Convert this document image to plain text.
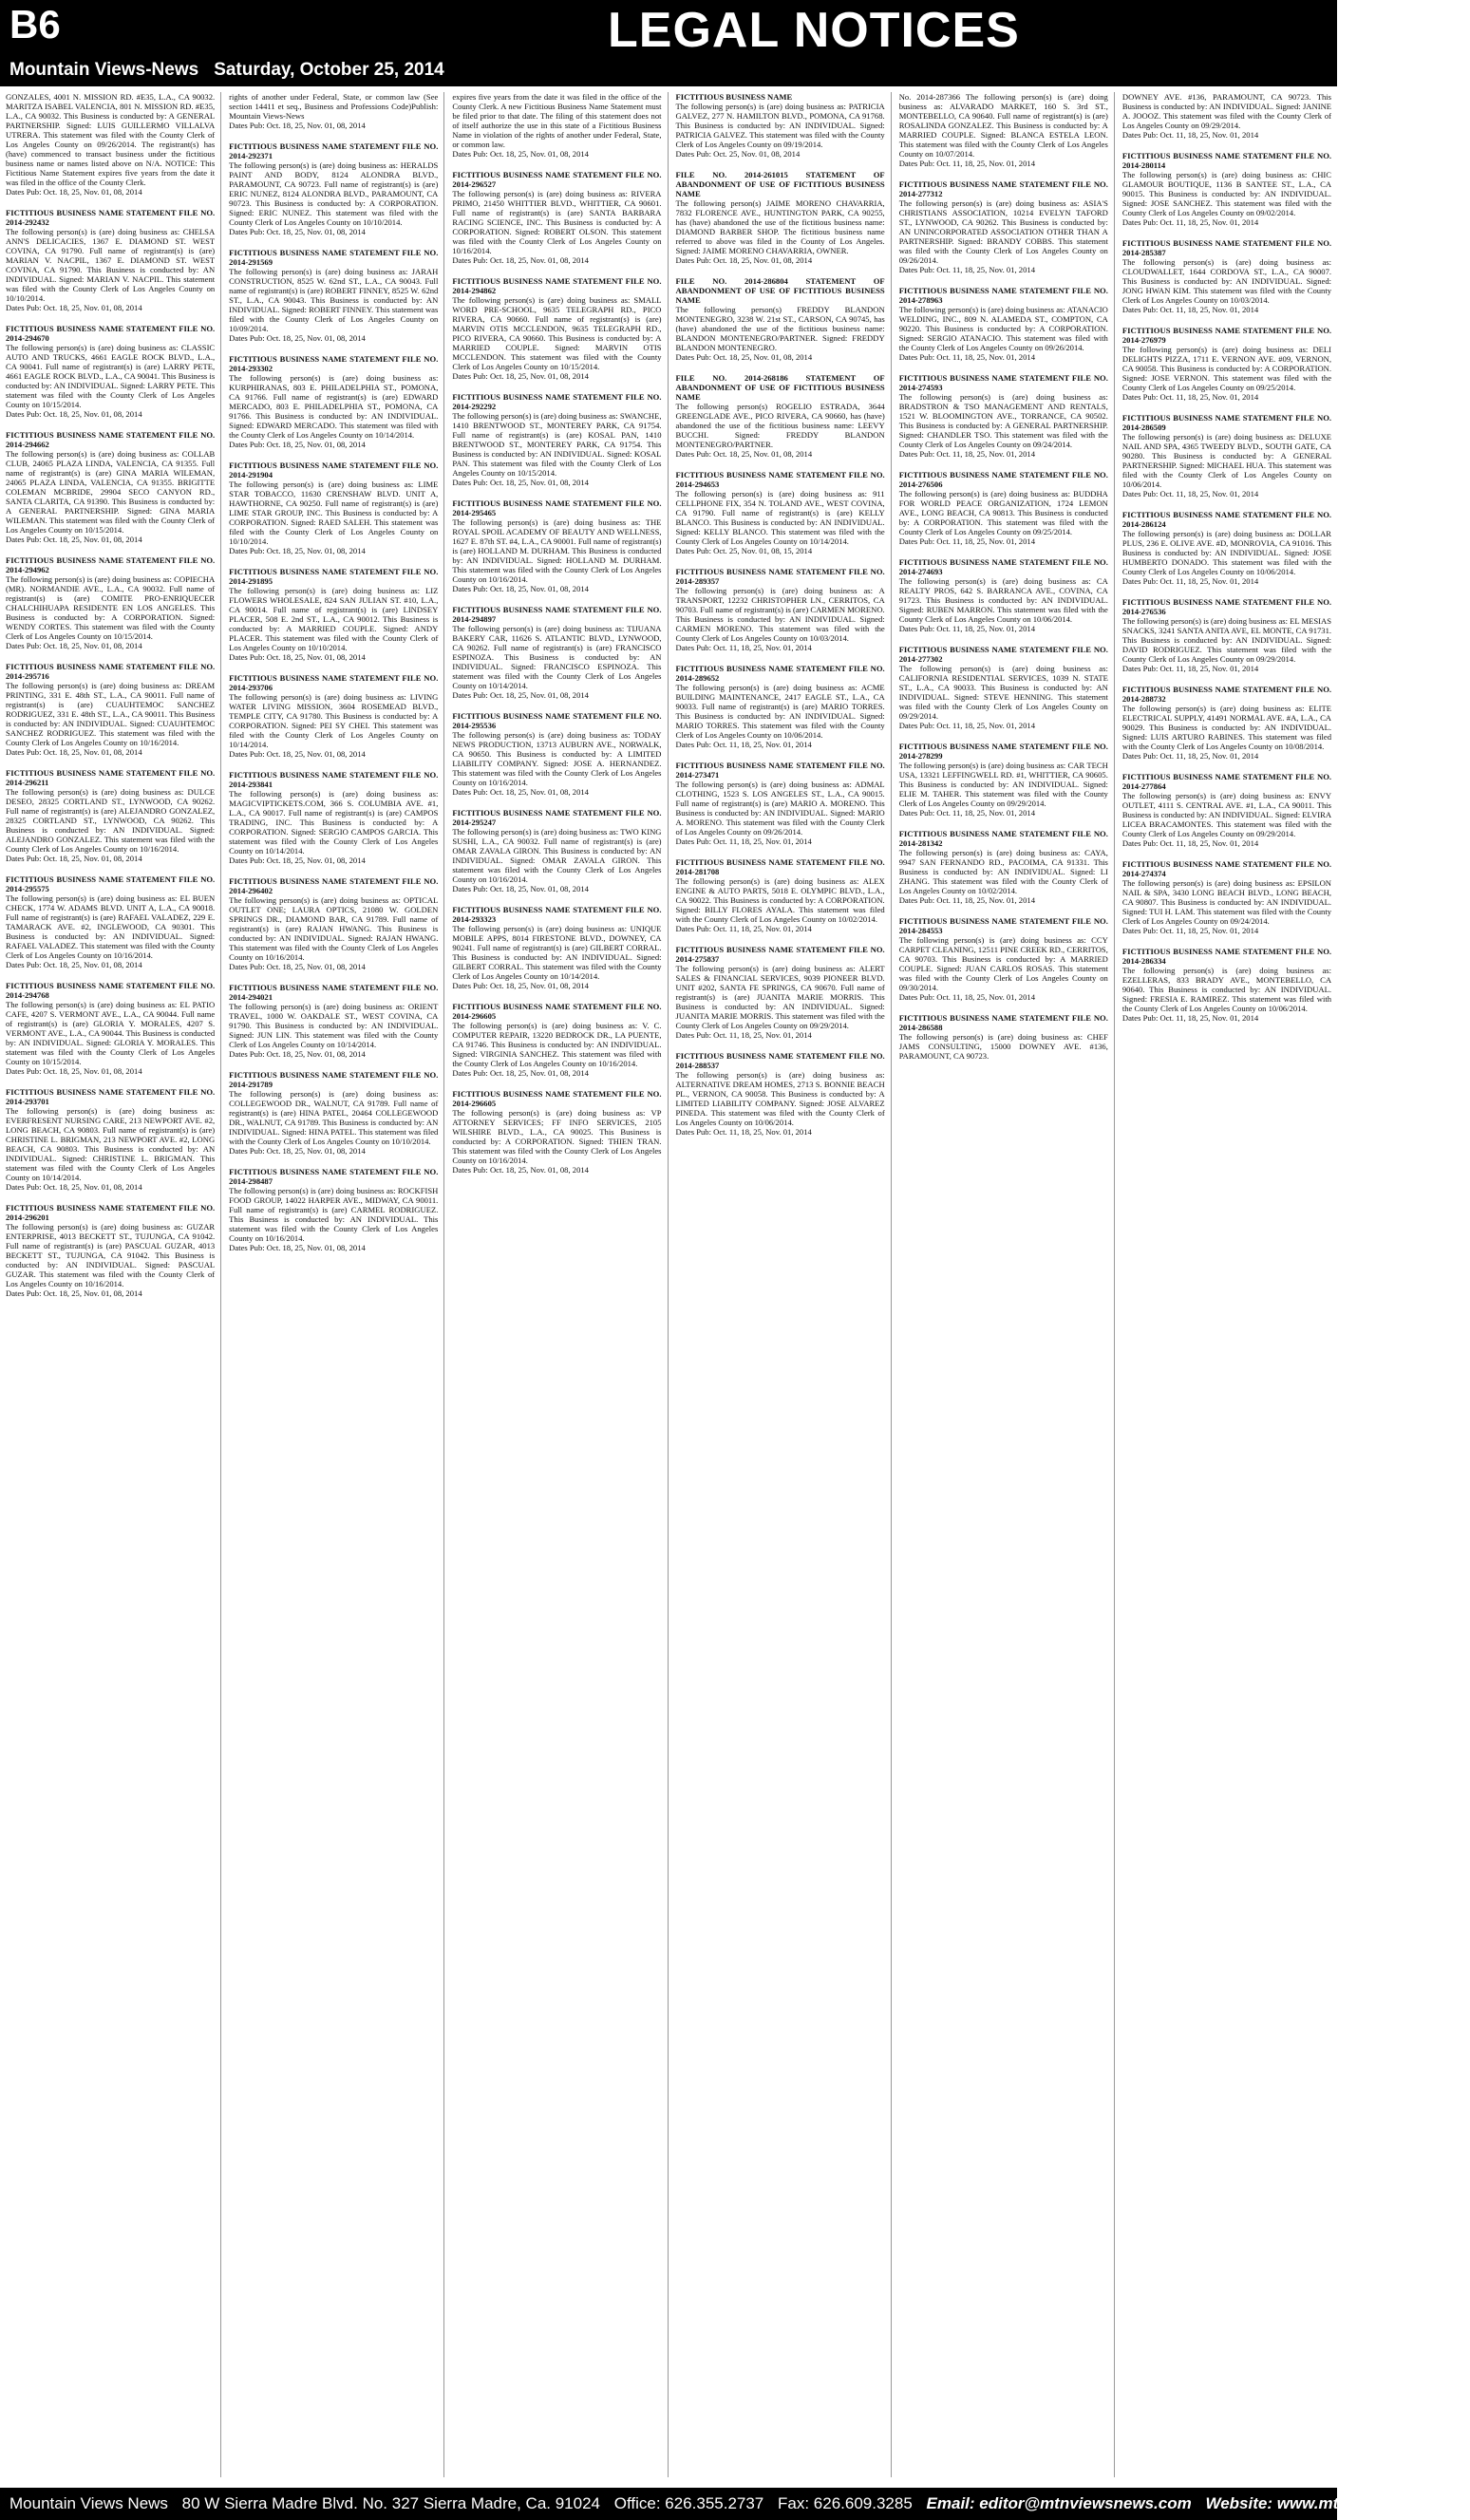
B6	LEGAL NOTICES
Mountain Views-News Saturday, October 25, 2014
GONZALES, 4001 N. MISSION RD. #E35, L.A., CA 90032. MARITZA ISABEL VALENCIA, 801 N. MISSION RD. #E35, L.A., CA 90032. This Business is conducted by: A GENERAL PARTNERSHIP. Signed: LUIS GUILLERMO VILLALVA UTRERA. This statement was filed with the County Clerk of Los Angeles County on 09/26/2014. The registrant(s) has (have) commenced to transact business under the fictitious business name or names listed above on N/A. NOTICE: This Fictitious Name Statement expires five years from the date it was filed in the office of the County Clerk.
Dates Pub: Oct. 18, 25, Nov. 01, 08, 2014
FICTITIOUS BUSINESS NAME STATEMENT FILE NO. 2014-292432
The following person(s) is (are) doing business as: CHELSA ANN'S DELICACIES, 1367 E. DIAMOND ST. WEST COVINA, CA 91790. Full name of registrant(s) is (are) MARIAN V. NACPIL, 1367 E. DIAMOND ST. WEST COVINA, CA 91790. This Business is conducted by: AN INDIVIDUAL. Signed: MARIAN V. NACPIL. This statement was filed with the County Clerk of Los Angeles County on 10/10/2014.
Dates Pub: Oct. 18, 25, Nov. 01, 08, 2014
FICTITIOUS BUSINESS NAME STATEMENT FILE NO. 2014-294670
The following person(s) is (are) doing business as: CLASSIC AUTO AND TRUCKS, 4661 EAGLE ROCK BLVD., L.A., CA 90041. Full name of registrant(s) is (are) LARRY PETE, 4661 EAGLE ROCK BLVD., L.A., CA 90041. This Business is conducted by: AN INDIVIDUAL. Signed: LARRY PETE. This statement was filed with the County Clerk of Los Angeles County on 10/15/2014.
Dates Pub: Oct. 18, 25, Nov. 01, 08, 2014
FICTITIOUS BUSINESS NAME STATEMENT FILE NO. 2014-294662
The following person(s) is (are) doing business as: COLLAB CLUB, 24065 PLAZA LINDA, VALENCIA, CA 91355. Full name of registrant(s) is (are) GINA MARIA WILEMAN, 24065 PLAZA LINDA, VALENCIA, CA 91355. BRIGITTE COLEMAN MCBRIDE, 29904 SECO CANYON RD., SANTA CLARITA, CA 91390. This Business is conducted by: A GENERAL PARTNERSHIP. Signed: GINA MARIA WILEMAN. This statement was filed with the County Clerk of Los Angeles County on 10/15/2014.
Dates Pub: Oct. 18, 25, Nov. 01, 08, 2014
FICTITIOUS BUSINESS NAME STATEMENT FILE NO. 2014-294962
The following person(s) is (are) doing business as: COPIECHA (MR). NORMANDIE AVE., L.A., CA 90032. Full name of registrant(s) is (are) COMITE PRO-ENRIQUECER CHALCHIHUAPA RESIDENTE EN LOS ANGELES. This Business is conducted by: A CORPORATION. Signed: WENDY CORTES. This statement was filed with the County Clerk of Los Angeles County on 10/15/2014.
Dates Pub: Oct. 18, 25, Nov. 01, 08, 2014
FICTITIOUS BUSINESS NAME STATEMENT FILE NO. 2014-295716
The following person(s) is (are) doing business as: DREAM PRINTING, 331 E. 48th ST., L.A., CA 90011. Full name of registrant(s) is (are) CUAUHTEMOC SANCHEZ RODRIGUEZ, 331 E. 48th ST., L.A., CA 90011. This Business is conducted by: AN INDIVIDUAL. Signed: CUAUHTEMOC SANCHEZ RODRIGUEZ. This statement was filed with the County Clerk of Los Angeles County on 10/16/2014.
Dates Pub: Oct. 18, 25, Nov. 01, 08, 2014
FICTITIOUS BUSINESS NAME STATEMENT FILE NO. 2014-296211
The following person(s) is (are) doing business as: DULCE DESEO, 28325 CORTLAND ST., LYNWOOD, CA 90262. Full name of registrant(s) is (are) ALEJANDRO GONZALEZ, 28325 CORTLAND ST., LYNWOOD, CA 90262. This Business is conducted by: AN INDIVIDUAL. Signed: ALEJANDRO GONZALEZ. This statement was filed with the County Clerk of Los Angeles County on 10/16/2014.
Dates Pub: Oct. 18, 25, Nov. 01, 08, 2014
FICTITIOUS BUSINESS NAME STATEMENT FILE NO. 2014-295575
The following person(s) is (are) doing business as: EL BUEN CHECK, 1774 W. ADAMS BLVD. UNIT A, L.A., CA 90018. Full name of registrant(s) is (are) RAFAEL VALADEZ, 229 E. TAMARACK AVE. #2, INGLEWOOD, CA 90301. This Business is conducted by: AN INDIVIDUAL. Signed: RAFAEL VALADEZ. This statement was filed with the County Clerk of Los Angeles County on 10/16/2014.
Dates Pub: Oct. 18, 25, Nov. 01, 08, 2014
FICTITIOUS BUSINESS NAME STATEMENT FILE NO. 2014-294768
The following person(s) is (are) doing business as: EL PATIO CAFE, 4207 S. VERMONT AVE., L.A., CA 90044. Full name of registrant(s) is (are) GLORIA Y. MORALES, 4207 S. VERMONT AVE., L.A., CA 90044. This Business is conducted by: AN INDIVIDUAL. Signed: GLORIA Y. MORALES. This statement was filed with the County Clerk of Los Angeles County on 10/15/2014.
Dates Pub: Oct. 18, 25, Nov. 01, 08, 2014
FICTITIOUS BUSINESS NAME STATEMENT FILE NO. 2014-293701
The following person(s) is (are) doing business as: EVERFRESENT NURSING CARE, 213 NEWPORT AVE. #2, LONG BEACH, CA 90803. Full name of registrant(s) is (are) CHRISTINE L. BRIGMAN, 213 NEWPORT AVE. #2, LONG BEACH, CA 90803. This Business is conducted by: AN INDIVIDUAL. Signed: CHRISTINE L. BRIGMAN. This statement was filed with the County Clerk of Los Angeles County on 10/14/2014.
Dates Pub: Oct. 18, 25, Nov. 01, 08, 2014
FICTITIOUS BUSINESS NAME STATEMENT FILE NO. 2014-296201
The following person(s) is (are) doing business as: GUZAR ENTERPRISE, 4013 BECKETT ST., TUJUNGA, CA 91042. Full name of registrant(s) is (are) PASCUAL GUZAR, 4013 BECKETT ST., TUJUNGA, CA 91042. This Business is conducted by: AN INDIVIDUAL. Signed: PASCUAL GUZAR. This statement was filed with the County Clerk of Los Angeles County on 10/16/2014.
Dates Pub: Oct. 18, 25, Nov. 01, 08, 2014
rights of another under Federal, State, or common law (See section 14411 et seq., Business and Professions Code)Publish: Mountain Views-News
Dates Pub: Oct. 18, 25, Nov. 01, 08, 2014
FICTITIOUS BUSINESS NAME STATEMENT FILE NO. 2014-292371
The following person(s) is (are) doing business as: HERALDS PAINT AND BODY, 8124 ALONDRA BLVD., PARAMOUNT, CA 90723. Full name of registrant(s) is (are) ERIC NUNEZ, 8124 ALONDRA BLVD., PARAMOUNT, CA 90723. This Business is conducted by: A CORPORATION. Signed: ERIC NUNEZ. This statement was filed with the County Clerk of Los Angeles County on 10/10/2014.
Dates Pub: Oct. 18, 25, Nov. 01, 08, 2014
FICTITIOUS BUSINESS NAME STATEMENT FILE NO. 2014-291569
The following person(s) is (are) doing business as: JARAH CONSTRUCTION, 8525 W. 62nd ST., L.A., CA 90043. Full name of registrant(s) is (are) ROBERT FINNEY, 8525 W. 62nd ST., L.A., CA 90043. This Business is conducted by: AN INDIVIDUAL. Signed: ROBERT FINNEY. This statement was filed with the County Clerk of Los Angeles County on 10/09/2014.
Dates Pub: Oct. 18, 25, Nov. 01, 08, 2014
FICTITIOUS BUSINESS NAME STATEMENT FILE NO. 2014-293302
The following person(s) is (are) doing business as: KURPHIRANAS, 803 E. PHILADELPHIA ST., POMONA, CA 91766. Full name of registrant(s) is (are) EDWARD MERCADO, 803 E. PHILADELPHIA ST., POMONA, CA 91766. This Business is conducted by: AN INDIVIDUAL. Signed: EDWARD MERCADO. This statement was filed with the County Clerk of Los Angeles County on 10/14/2014.
Dates Pub: Oct. 18, 25, Nov. 01, 08, 2014
FICTITIOUS BUSINESS NAME STATEMENT FILE NO. 2014-291904
The following person(s) is (are) doing business as: LIME STAR TOBACCO, 11630 CRENSHAW BLVD. UNIT A, HAWTHORNE, CA 90250. Full name of registrant(s) is (are) LIME STAR GROUP, INC. This Business is conducted by: A CORPORATION. Signed: RAED SALEH. This statement was filed with the County Clerk of Los Angeles County on 10/10/2014.
Dates Pub: Oct. 18, 25, Nov. 01, 08, 2014
FICTITIOUS BUSINESS NAME STATEMENT FILE NO. 2014-291895
The following person(s) is (are) doing business as: LIZ FLOWERS WHOLESALE, 824 SAN JULIAN ST. #10, L.A., CA 90014. Full name of registrant(s) is (are) LINDSEY PLACER, 508 E. 2nd ST., L.A., CA 90012. This Business is conducted by: A MARRIED COUPLE. Signed: ANDY PLACER. This statement was filed with the County Clerk of Los Angeles County on 10/10/2014.
Dates Pub: Oct. 18, 25, Nov. 01, 08, 2014
FICTITIOUS BUSINESS NAME STATEMENT FILE NO. 2014-293706
The following person(s) is (are) doing business as: LIVING WATER LIVING MISSION, 3604 ROSEMEAD BLVD., TEMPLE CITY, CA 91780. This Business is conducted by: A CORPORATION. Signed: PEI SY CHEI. This statement was filed with the County Clerk of Los Angeles County on 10/14/2014.
Dates Pub: Oct. 18, 25, Nov. 01, 08, 2014
FICTITIOUS BUSINESS NAME STATEMENT FILE NO. 2014-293841
The following person(s) is (are) doing business as: MAGICVIPTICKETS.COM, 366 S. COLUMBIA AVE. #1, L.A., CA 90017. Full name of registrant(s) is (are) CAMPOS TRADING, INC. This Business is conducted by: A CORPORATION. Signed: SERGIO CAMPOS GARCIA. This statement was filed with the County Clerk of Los Angeles County on 10/14/2014.
Dates Pub: Oct. 18, 25, Nov. 01, 08, 2014
FICTITIOUS BUSINESS NAME STATEMENT FILE NO. 2014-296402
The following person(s) is (are) doing business as: OPTICAL OUTLET ONE; LAURA OPTICS, 21080 W. GOLDEN SPRINGS DR., DIAMOND BAR, CA 91789. Full name of registrant(s) is (are) RAJAN HWANG. This Business is conducted by: AN INDIVIDUAL. Signed: RAJAN HWANG. This statement was filed with the County Clerk of Los Angeles County on 10/16/2014.
Dates Pub: Oct. 18, 25, Nov. 01, 08, 2014
FICTITIOUS BUSINESS NAME STATEMENT FILE NO. 2014-294021
The following person(s) is (are) doing business as: ORIENT TRAVEL, 1000 W. OAKDALE ST., WEST COVINA, CA 91790. This Business is conducted by: AN INDIVIDUAL. Signed: JUN LIN. This statement was filed with the County Clerk of Los Angeles County on 10/14/2014.
Dates Pub: Oct. 18, 25, Nov. 01, 08, 2014
FICTITIOUS BUSINESS NAME STATEMENT FILE NO. 2014-291789
The following person(s) is (are) doing business as: COLLEGEWOOD DR., WALNUT, CA 91789. Full name of registrant(s) is (are) HINA PATEL, 20464 COLLEGEWOOD DR., WALNUT, CA 91789. This Business is conducted by: AN INDIVIDUAL. Signed: HINA PATEL. This statement was filed with the County Clerk of Los Angeles County on 10/10/2014.
Dates Pub: Oct. 18, 25, Nov. 01, 08, 2014
FICTITIOUS BUSINESS NAME STATEMENT FILE NO. 2014-298487
The following person(s) is (are) doing business as: ROCKFISH FOOD GROUP, 14022 HARPER AVE., MIDWAY, CA 90011. Full name of registrant(s) is (are) CARMEL RODRIGUEZ. This Business is conducted by: AN INDIVIDUAL. This statement was filed with the County Clerk of Los Angeles County on 10/16/2014.
Dates Pub: Oct. 18, 25, Nov. 01, 08, 2014
expires five years from the date it was filed in the office of the County Clerk. A new Fictitious Business Name Statement must be filed prior to that date. The filing of this statement does not of itself authorize the use in this state of a Fictitious Business Name in violation of the rights of another under Federal, State, or common law.
Dates Pub: Oct. 18, 25, Nov. 01, 08, 2014
FICTITIOUS BUSINESS NAME STATEMENT FILE NO. 2014-296527
The following person(s) is (are) doing business as: RIVERA PRIMO, 21450 WHITTIER BLVD., WHITTIER, CA 90601. Full name of registrant(s) is (are) SANTA BARBARA RACING SCIENCE, INC. This Business is conducted by: A CORPORATION. Signed: ROBERT OLSON. This statement was filed with the County Clerk of Los Angeles County on 10/16/2014.
Dates Pub: Oct. 18, 25, Nov. 01, 08, 2014
FICTITIOUS BUSINESS NAME STATEMENT FILE NO. 2014-294862
The following person(s) is (are) doing business as: SMALL WORD PRE-SCHOOL, 9635 TELEGRAPH RD., PICO RIVERA, CA 90660. Full name of registrant(s) is (are) MARVIN OTIS MCCLENDON, 9635 TELEGRAPH RD., PICO RIVERA, CA 90660. This Business is conducted by: A MARRIED COUPLE. Signed: MARVIN OTIS MCCLENDON. This statement was filed with the County Clerk of Los Angeles County on 10/15/2014.
Dates Pub: Oct. 18, 25, Nov. 01, 08, 2014
FICTITIOUS BUSINESS NAME STATEMENT FILE NO. 2014-292292
The following person(s) is (are) doing business as: SWANCHE, 1410 BRENTWOOD ST., MONTEREY PARK, CA 91754. Full name of registrant(s) is (are) KOSAL PAN, 1410 BRENTWOOD ST., MONTEREY PARK, CA 91754. This Business is conducted by: AN INDIVIDUAL. Signed: KOSAL PAN. This statement was filed with the County Clerk of Los Angeles County on 10/15/2014.
Dates Pub: Oct. 18, 25, Nov. 01, 08, 2014
FICTITIOUS BUSINESS NAME STATEMENT FILE NO. 2014-295465
The following person(s) is (are) doing business as: THE ROYAL SPOIL ACADEMY OF BEAUTY AND WELLNESS, 1627 E. 87th ST. #4, L.A., CA 90001. Full name of registrant(s) is (are) HOLLAND M. DURHAM. This Business is conducted by: AN INDIVIDUAL. Signed: HOLLAND M. DURHAM. This statement was filed with the County Clerk of Los Angeles County on 10/16/2014.
Dates Pub: Oct. 18, 25, Nov. 01, 08, 2014
FICTITIOUS BUSINESS NAME STATEMENT FILE NO. 2014-294897
The following person(s) is (are) doing business as: TIJUANA BAKERY CAR, 11626 S. ATLANTIC BLVD., LYNWOOD, CA 90262. Full name of registrant(s) is (are) FRANCISCO ESPINOZA. This Business is conducted by: AN INDIVIDUAL. Signed: FRANCISCO ESPINOZA. This statement was filed with the County Clerk of Los Angeles County on 10/14/2014.
Dates Pub: Oct. 18, 25, Nov. 01, 08, 2014
FICTITIOUS BUSINESS NAME STATEMENT FILE NO. 2014-295536
The following person(s) is (are) doing business as: TODAY NEWS PRODUCTION, 13713 AUBURN AVE., NORWALK, CA 90650. This Business is conducted by: A LIMITED LIABILITY COMPANY. Signed: JOSE A. HERNANDEZ. This statement was filed with the County Clerk of Los Angeles County on 10/16/2014.
Dates Pub: Oct. 18, 25, Nov. 01, 08, 2014
FICTITIOUS BUSINESS NAME STATEMENT FILE NO. 2014-295247
The following person(s) is (are) doing business as: TWO KING SUSHI, L.A., CA 90032. Full name of registrant(s) is (are) OMAR ZAVALA GIRON. This Business is conducted by: AN INDIVIDUAL. Signed: OMAR ZAVALA GIRON. This statement was filed with the County Clerk of Los Angeles County on 10/16/2014.
Dates Pub: Oct. 18, 25, Nov. 01, 08, 2014
FICTITIOUS BUSINESS NAME STATEMENT FILE NO. 2014-293323
The following person(s) is (are) doing business as: UNIQUE MOBILE APPS, 8014 FIRESTONE BLVD., DOWNEY, CA 90241. Full name of registrant(s) is (are) GILBERT CORRAL. This Business is conducted by: AN INDIVIDUAL. Signed: GILBERT CORRAL. This statement was filed with the County Clerk of Los Angeles County on 10/14/2014.
Dates Pub: Oct. 18, 25, Nov. 01, 08, 2014
FICTITIOUS BUSINESS NAME STATEMENT FILE NO. 2014-296605
The following person(s) is (are) doing business as: V. C. COMPUTER REPAIR, 13220 BEDROCK DR., LA PUENTE, CA 91746. This Business is conducted by: AN INDIVIDUAL. Signed: VIRGINIA SANCHEZ. This statement was filed with the County Clerk of Los Angeles County on 10/16/2014.
Dates Pub: Oct. 18, 25, Nov. 01, 08, 2014
FICTITIOUS BUSINESS NAME STATEMENT FILE NO. 2014-296605
The following person(s) is (are) doing business as: VP ATTORNEY SERVICES; FF INFO SERVICES, 2105 WILSHIRE BLVD., L.A., CA 90025. This Business is conducted by: A CORPORATION. Signed: THIEN TRAN. This statement was filed with the County Clerk of Los Angeles County on 10/16/2014.
Dates Pub: Oct. 18, 25, Nov. 01, 08, 2014
FICTITIOUS BUSINESS NAME
The following person(s) is (are) doing business as: PATRICIA GALVEZ, 277 N. HAMILTON BLVD., POMONA, CA 91768. This Business is conducted by: AN INDIVIDUAL. Signed: PATRICIA GALVEZ. This statement was filed with the County Clerk of Los Angeles County on 09/19/2014.
Dates Pub: Oct. 25, Nov. 01, 08, 2014
FILE NO. 2014-261015 STATEMENT OF ABANDONMENT OF USE OF FICTITIOUS BUSINESS NAME
The following person(s) JAIME MORENO CHAVARRIA, 7832 FLORENCE AVE., HUNTINGTON PARK, CA 90255, has (have) abandoned the use of the fictitious business name: DIAMOND BARBER SHOP. The fictitious business name referred to above was filed in the County of Los Angeles. Signed: JAIME MORENO CHAVARRIA, OWNER.
Dates Pub: Oct. 18, 25, Nov. 01, 08, 2014
FILE NO. 2014-286804 STATEMENT OF ABANDONMENT OF USE OF FICTITIOUS BUSINESS NAME
The following person(s) FREDDY BLANDON MONTENEGRO, 3238 W. 21st ST., CARSON, CA 90745, has (have) abandoned the use of the fictitious business name: BLANDON MONTENEGRO/PARTNER. Signed: FREDDY BLANDON MONTENEGRO.
Dates Pub: Oct. 18, 25, Nov. 01, 08, 2014
FILE NO. 2014-268186 STATEMENT OF ABANDONMENT OF USE OF FICTITIOUS BUSINESS NAME
The following person(s) ROGELIO ESTRADA, 3644 GREENGLADE AVE., PICO RIVERA, CA 90660, has (have) abandoned the use of the fictitious business name: LEEVY BUCCHI. Signed: FREDDY BLANDON MONTENEGRO/PARTNER.
Dates Pub: Oct. 18, 25, Nov. 01, 08, 2014
FICTITIOUS BUSINESS NAME STATEMENT FILE NO. 2014-294653
The following person(s) is (are) doing business as: 911 CELLPHONE FIX, 354 N. TOLAND AVE., WEST COVINA, CA 91790. Full name of registrant(s) is (are) KELLY BLANCO. This Business is conducted by: AN INDIVIDUAL. Signed: KELLY BLANCO. This statement was filed with the County Clerk of Los Angeles County on 10/14/2014.
Dates Pub: Oct. 25, Nov. 01, 08, 15, 2014
FICTITIOUS BUSINESS NAME STATEMENT FILE NO. 2014-289357
The following person(s) is (are) doing business as: A TRANSPORT, 12232 CHRISTOPHER LN., CERRITOS, CA 90703. Full name of registrant(s) is (are) CARMEN MORENO. This Business is conducted by: AN INDIVIDUAL. Signed: CARMEN MORENO. This statement was filed with the County Clerk of Los Angeles County on 10/03/2014.
Dates Pub: Oct. 11, 18, 25, Nov. 01, 2014
FICTITIOUS BUSINESS NAME STATEMENT FILE NO. 2014-289652
The following person(s) is (are) doing business as: ACME BUILDING MAINTENANCE, 2417 EAGLE ST., L.A., CA 90033. Full name of registrant(s) is (are) MARIO TORRES. This Business is conducted by: AN INDIVIDUAL. Signed: MARIO TORRES. This statement was filed with the County Clerk of Los Angeles County on 10/06/2014.
Dates Pub: Oct. 11, 18, 25, Nov. 01, 2014
FICTITIOUS BUSINESS NAME STATEMENT FILE NO. 2014-273471
The following person(s) is (are) doing business as: ADMAL CLOTHING, 1523 S. LOS ANGELES ST., L.A., CA 90015. Full name of registrant(s) is (are) MARIO A. MORENO. This Business is conducted by: AN INDIVIDUAL. Signed: MARIO A. MORENO. This statement was filed with the County Clerk of Los Angeles County on 09/26/2014.
Dates Pub: Oct. 11, 18, 25, Nov. 01, 2014
FICTITIOUS BUSINESS NAME STATEMENT FILE NO. 2014-281708
The following person(s) is (are) doing business as: ALEX ENGINE & AUTO PARTS, 5018 E. OLYMPIC BLVD., L.A., CA 90022. This Business is conducted by: A CORPORATION. Signed: BILLY FLORES AYALA. This statement was filed with the County Clerk of Los Angeles County on 10/02/2014.
Dates Pub: Oct. 11, 18, 25, Nov. 01, 2014
FICTITIOUS BUSINESS NAME STATEMENT FILE NO. 2014-275837
The following person(s) is (are) doing business as: ALERT SALES & FINANCIAL SERVICES, 9039 PIONEER BLVD. UNIT #202, SANTA FE SPRINGS, CA 90670. Full name of registrant(s) is (are) JUANITA MARIE MORRIS. This Business is conducted by: AN INDIVIDUAL. Signed: JUANITA MARIE MORRIS. This statement was filed with the County Clerk of Los Angeles County on 09/29/2014.
Dates Pub: Oct. 11, 18, 25, Nov. 01, 2014
FICTITIOUS BUSINESS NAME STATEMENT FILE NO. 2014-288537
The following person(s) is (are) doing business as: ALTERNATIVE DREAM HOMES, 2713 S. BONNIE BEACH PL., VERNON, CA 90058. This Business is conducted by: A LIMITED LIABILITY COMPANY. Signed: JOSE ALVAREZ PINEDA. This statement was filed with the County Clerk of Los Angeles County on 10/06/2014.
Dates Pub: Oct. 11, 18, 25, Nov. 01, 2014
No. 2014-287366 The following person(s) is (are) doing business as: ALVARADO MARKET, 160 S. 3rd ST., MONTEBELLO, CA 90640. Full name of registrant(s) is (are) ROSALINDA GONZALEZ. This Business is conducted by: A MARRIED COUPLE. Signed: BLANCA ESTELA LEON. This statement was filed with the County Clerk of Los Angeles County on 10/07/2014.
Dates Pub: Oct. 11, 18, 25, Nov. 01, 2014
FICTITIOUS BUSINESS NAME STATEMENT FILE NO. 2014-277312
The following person(s) is (are) doing business as: ASIA'S CHRISTIANS ASSOCIATION, 10214 EVELYN TAFORD ST., LYNWOOD, CA 90262. This Business is conducted by: AN UNINCORPORATED ASSOCIATION OTHER THAN A PARTNERSHIP. Signed: BRANDY COBBS. This statement was filed with the County Clerk of Los Angeles County on 09/26/2014.
Dates Pub: Oct. 11, 18, 25, Nov. 01, 2014
FICTITIOUS BUSINESS NAME STATEMENT FILE NO. 2014-278963
The following person(s) is (are) doing business as: ATANACIO WELDING, INC., 809 N. ALAMEDA ST., COMPTON, CA 90220. This Business is conducted by: A CORPORATION. Signed: SERGIO ATANACIO. This statement was filed with the County Clerk of Los Angeles County on 09/26/2014.
Dates Pub: Oct. 11, 18, 25, Nov. 01, 2014
FICTITIOUS BUSINESS NAME STATEMENT FILE NO. 2014-274593
The following person(s) is (are) doing business as: BRADSTRON & TSO MANAGEMENT AND RENTALS, 1521 W. BLOOMINGTON AVE., TORRANCE, CA 90502. This Business is conducted by: A GENERAL PARTNERSHIP. Signed: CHANDLER TSO. This statement was filed with the County Clerk of Los Angeles County on 09/24/2014.
Dates Pub: Oct. 11, 18, 25, Nov. 01, 2014
FICTITIOUS BUSINESS NAME STATEMENT FILE NO. 2014-276506
The following person(s) is (are) doing business as: BUDDHA FOR WORLD PEACE ORGANIZATION, 1724 LEMON AVE., LONG BEACH, CA 90813. This Business is conducted by: A CORPORATION. This statement was filed with the County Clerk of Los Angeles County on 09/25/2014.
Dates Pub: Oct. 11, 18, 25, Nov. 01, 2014
FICTITIOUS BUSINESS NAME STATEMENT FILE NO. 2014-274693
The following person(s) is (are) doing business as: CA REALTY PROS, 642 S. BARRANCA AVE., COVINA, CA 91723. This Business is conducted by: AN INDIVIDUAL. Signed: RUBEN MARRON. This statement was filed with the County Clerk of Los Angeles County on 10/06/2014.
Dates Pub: Oct. 11, 18, 25, Nov. 01, 2014
FICTITIOUS BUSINESS NAME STATEMENT FILE NO. 2014-277302
The following person(s) is (are) doing business as: CALIFORNIA RESIDENTIAL SERVICES, 1039 N. STATE ST., L.A., CA 90033. This Business is conducted by: AN INDIVIDUAL. Signed: STEVE HENNING. This statement was filed with the County Clerk of Los Angeles County on 09/29/2014.
Dates Pub: Oct. 11, 18, 25, Nov. 01, 2014
FICTITIOUS BUSINESS NAME STATEMENT FILE NO. 2014-278299
The following person(s) is (are) doing business as: CAR TECH USA, 13321 LEFFINGWELL RD. #1, WHITTIER, CA 90605. This Business is conducted by: AN INDIVIDUAL. Signed: ELIE M. TAHER. This statement was filed with the County Clerk of Los Angeles County on 09/29/2014.
Dates Pub: Oct. 11, 18, 25, Nov. 01, 2014
FICTITIOUS BUSINESS NAME STATEMENT FILE NO. 2014-281342
The following person(s) is (are) doing business as: CAYA, 9947 SAN FERNANDO RD., PACOIMA, CA 91331. This Business is conducted by: AN INDIVIDUAL. Signed: LI ZHANG. This statement was filed with the County Clerk of Los Angeles County on 10/02/2014.
Dates Pub: Oct. 11, 18, 25, Nov. 01, 2014
FICTITIOUS BUSINESS NAME STATEMENT FILE NO. 2014-284553
The following person(s) is (are) doing business as: CCY CARPET CLEANING, 12511 PINE CREEK RD., CERRITOS, CA 90703. This Business is conducted by: A MARRIED COUPLE. Signed: JUAN CARLOS ROSAS. This statement was filed with the County Clerk of Los Angeles County on 09/30/2014.
Dates Pub: Oct. 11, 18, 25, Nov. 01, 2014
FICTITIOUS BUSINESS NAME STATEMENT FILE NO. 2014-286588
The following person(s) is (are) doing business as: CHEF JAMS CONSULTING, 15000 DOWNEY AVE. #136, PARAMOUNT, CA 90723.
DOWNEY AVE. #136, PARAMOUNT, CA 90723. This Business is conducted by: AN INDIVIDUAL. Signed: JANINE A. JOOOZ. This statement was filed with the County Clerk of Los Angeles County on 09/29/2014.
Dates Pub: Oct. 11, 18, 25, Nov. 01, 2014
FICTITIOUS BUSINESS NAME STATEMENT FILE NO. 2014-280114
The following person(s) is (are) doing business as: CHIC GLAMOUR BOUTIQUE, 1136 B SANTEE ST., L.A., CA 90015. This Business is conducted by: AN INDIVIDUAL. Signed: JOSE SANCHEZ. This statement was filed with the County Clerk of Los Angeles County on 09/02/2014.
Dates Pub: Oct. 11, 18, 25, Nov. 01, 2014
FICTITIOUS BUSINESS NAME STATEMENT FILE NO. 2014-285387
The following person(s) is (are) doing business as: CLOUDWALLET, 1644 CORDOVA ST., L.A., CA 90007. This Business is conducted by: AN INDIVIDUAL. Signed: JONG HWAN KIM. This statement was filed with the County Clerk of Los Angeles County on 10/03/2014.
Dates Pub: Oct. 11, 18, 25, Nov. 01, 2014
FICTITIOUS BUSINESS NAME STATEMENT FILE NO. 2014-276979
The following person(s) is (are) doing business as: DELI DELIGHTS PIZZA, 1711 E. VERNON AVE. #09, VERNON, CA 90058. This Business is conducted by: A CORPORATION. Signed: JOSE VERNON. This statement was filed with the County Clerk of Los Angeles County on 09/25/2014.
Dates Pub: Oct. 11, 18, 25, Nov. 01, 2014
FICTITIOUS BUSINESS NAME STATEMENT FILE NO. 2014-286509
The following person(s) is (are) doing business as: DELUXE NAIL AND SPA, 4365 TWEEDY BLVD., SOUTH GATE, CA 90280. This Business is conducted by: A GENERAL PARTNERSHIP. Signed: MICHAEL HUA. This statement was filed with the County Clerk of Los Angeles County on 10/06/2014.
Dates Pub: Oct. 11, 18, 25, Nov. 01, 2014
FICTITIOUS BUSINESS NAME STATEMENT FILE NO. 2014-286124
The following person(s) is (are) doing business as: DOLLAR PLUS, 236 E. OLIVE AVE. #D, MONROVIA, CA 91016. This Business is conducted by: AN INDIVIDUAL. Signed: JOSE HUMBERTO DONADO. This statement was filed with the County Clerk of Los Angeles County on 10/06/2014.
Dates Pub: Oct. 11, 18, 25, Nov. 01, 2014
FICTITIOUS BUSINESS NAME STATEMENT FILE NO. 2014-276536
The following person(s) is (are) doing business as: EL MESIAS SNACKS, 3241 SANTA ANITA AVE, EL MONTE, CA 91731. This Business is conducted by: AN INDIVIDUAL. Signed: DAVID RODRIGUEZ. This statement was filed with the County Clerk of Los Angeles County on 09/29/2014.
Dates Pub: Oct. 11, 18, 25, Nov. 01, 2014
FICTITIOUS BUSINESS NAME STATEMENT FILE NO. 2014-288732
The following person(s) is (are) doing business as: ELITE ELECTRICAL SUPPLY, 41491 NORMAL AVE. #A, L.A., CA 90029. This Business is conducted by: AN INDIVIDUAL. Signed: LUIS ARTURO RABINES. This statement was filed with the County Clerk of Los Angeles County on 10/08/2014.
Dates Pub: Oct. 11, 18, 25, Nov. 01, 2014
FICTITIOUS BUSINESS NAME STATEMENT FILE NO. 2014-277864
The following person(s) is (are) doing business as: ENVY OUTLET, 4111 S. CENTRAL AVE. #1, L.A., CA 90011. This Business is conducted by: AN INDIVIDUAL. Signed: ELVIRA LICEA BRACAMONTES. This statement was filed with the County Clerk of Los Angeles County on 09/29/2014.
Dates Pub: Oct. 11, 18, 25, Nov. 01, 2014
FICTITIOUS BUSINESS NAME STATEMENT FILE NO. 2014-274374
The following person(s) is (are) doing business as: EPSILON NAIL & SPA, 3430 LONG BEACH BLVD., LONG BEACH, CA 90807. This Business is conducted by: AN INDIVIDUAL. Signed: TUI H. LAM. This statement was filed with the County Clerk of Los Angeles County on 09/24/2014.
Dates Pub: Oct. 11, 18, 25, Nov. 01, 2014
FICTITIOUS BUSINESS NAME STATEMENT FILE NO. 2014-286334
The following person(s) is (are) doing business as: EZELLERAS, 833 BRADY AVE., MONTEBELLO, CA 90640. This Business is conducted by: AN INDIVIDUAL. Signed: FRESIA E. RAMIREZ. This statement was filed with the County Clerk of Los Angeles County on 10/06/2014.
Dates Pub: Oct. 11, 18, 25, Nov. 01, 2014
Mountain Views News 80 W Sierra Madre Blvd. No. 327 Sierra Madre, Ca. 91024 Office: 626.355.2737 Fax: 626.609.3285 Email: editor@mtnviewsnews.com Website: www.mtnviewsnews.com
